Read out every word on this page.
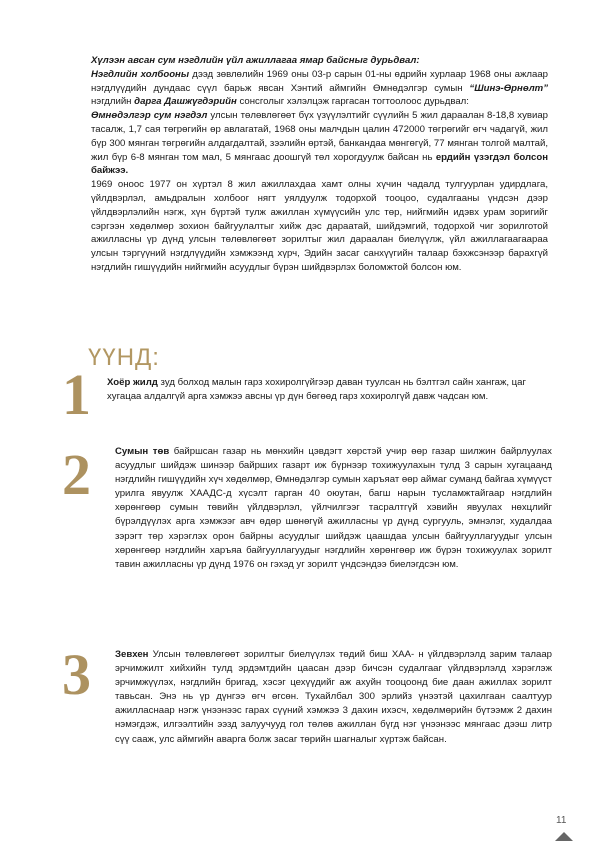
Хүлээн авсан сум нэгдлийн үйл ажиллагаа ямар байсныг дурьдвал:
Нэгдлийн холбооны дээд зөвлөлийн 1969 оны 03-р сарын 01-ны өдрийн хурлаар 1968 оны ажлаар нэгдлүүдийн дундаас сүүл барьж явсан Хэнтий аймгийн Өмнөдэлгэр сумын “Шинэ-Өрнөлт” нэгдлийн дарга Дашжүгдэрийн сонсголыг хэлэлцэж гаргасан тогтоолоос дурьдвал:
Өмнөдэлгэр сум нэгдэл улсын төлөвлөгөөт бүх үзүүлэлтийг сүүлийн 5 жил дараалан 8-18,8 хувиар тасалж, 1,7 сая төгрөгийн өр авлагатай, 1968 оны малчдын цалин 472000 төгрөгийг өгч чадагүй, жил бүр 300 мянган төгрөгийн алдагдалтай, зээлийн өртэй, банкандаа мөнгөгүй, 77 мянган толгой малтай, жил бүр 6-8 мянган том мал, 5 мянгаас доошгүй төл хорогдуулж байсан нь ердийн үзэгдэл болсон байжээ.
1969 оноос 1977 он хүртэл 8 жил ажиллахдаа хамт олны хүчин чадалд тулгуурлан удирдлага, үйлдвэрлэл, амьдралын холбоог нягт уялдуулж тодорхой тооцоо, судалгааны үндсэн дээр үйлдвэрлэлийн нэгж, хүн бүртэй тулж ажиллан хүмүүсийн улс төр, нийгмийн идэвх урам зоригийг сэргээн хөдөлмөр зохион байгуулалтыг хийж дэс дараатай, шийдэмгий, тодорхой чиг зорилготой ажилласны үр дүнд улсын төлөвлөгөөт зорилтыг жил дараалан биелүүлж, үйл ажиллагаагаараа улсын тэргүүний нэгдлүүдийн хэмжээнд хүрч, Эдийн засаг санхүүгийн талаар бэхжсэнээр барахгүй нэгдлийн гишүүдийн нийгмийн асуудлыг бүрэн шийдвэрлэх боломжтой болсон юм.
ҮҮНД:
1 Хоёр жилд зуд болход малын гарз хохиролгүйгээр даван туулсан нь бэлтгэл сайн хангаж, цаг хугацаа алдалгүй арга хэмжээ авсны үр дүн бөгөөд гарз хохиролгүй давж чадсан юм.
2	Сумын төв байршсан газар нь мөнхийн цэвдэгт хөрстэй учир өөр газар шилжин байрлуулах асуудлыг шийдэж шинээр байрших газарт иж бүрнээр тохижуулахын тулд 3 сарын хугацаанд нэгдлийн гишүүдийн хүч хөдөлмөр, Өмнөдэлгэр сумын харъяат өөр аймаг суманд байгаа хүмүүст урилга явуулж ХААДС-д хүсэлт гарган 40 оюутан, багш нарын тусламжтайгаар нэгдлийн хөрөнгөөр сумын төвийн үйлдвэрлэл, үйлчилгээг тасралтгүй хэвийн явуулах нөхцлийг бүрэлдүүлэх арга хэмжээг авч өдөр шөнөгүй ажилласны үр дүнд сургууль, эмнэлэг, худалдаа зэрэгт төр хэрэглэх орон байрны асуудлыг шийдэж цаашдаа улсын байгууллагуудыг улсын хөрөнгөөр нэгдлийн харъяа байгууллагуудыг нэгдлийн хөрөнгөөр иж бүрэн тохижуулах зорилт тавин ажилласны үр дүнд 1976 он гэхэд уг зорилт үндсэндээ биелэгдсэн юм.
3	Зевхен Улсын төлөвлөгөөт зорилтыг биелүүлэх төдий биш ХАА- н үйлдвэрлэлд зарим талаар эрчимжилт хийхийн тулд эрдэмтдийн цаасан дээр бичсэн судалгааг үйлдвэрлэлд хэрэглэж эрчимжүүлэх, нэгдлийн бригад, хэсэг цехүүдийг аж ахуйн тооцоонд бие даан ажиллах зорилт тавьсан. Энэ нь үр дүнгээ өгч өгсөн. Тухайлбал 300 эрлийз үнээтэй цахилгаан саалтуур ажилласнаар нэгж үнээнээс гарах сүүний хэмжээ 3 дахин ихэсч, хөдөлмөрийн бүтээмж 2 дахин нэмэгдэж, илгээлтийн ээзд залуучууд гол төлөв ажиллан бүгд нэг үнээнээс мянгаас дээш литр сүү сааж, улс аймгийн аварга болж засаг төрийн шагналыг хүртэж байсан.
11
